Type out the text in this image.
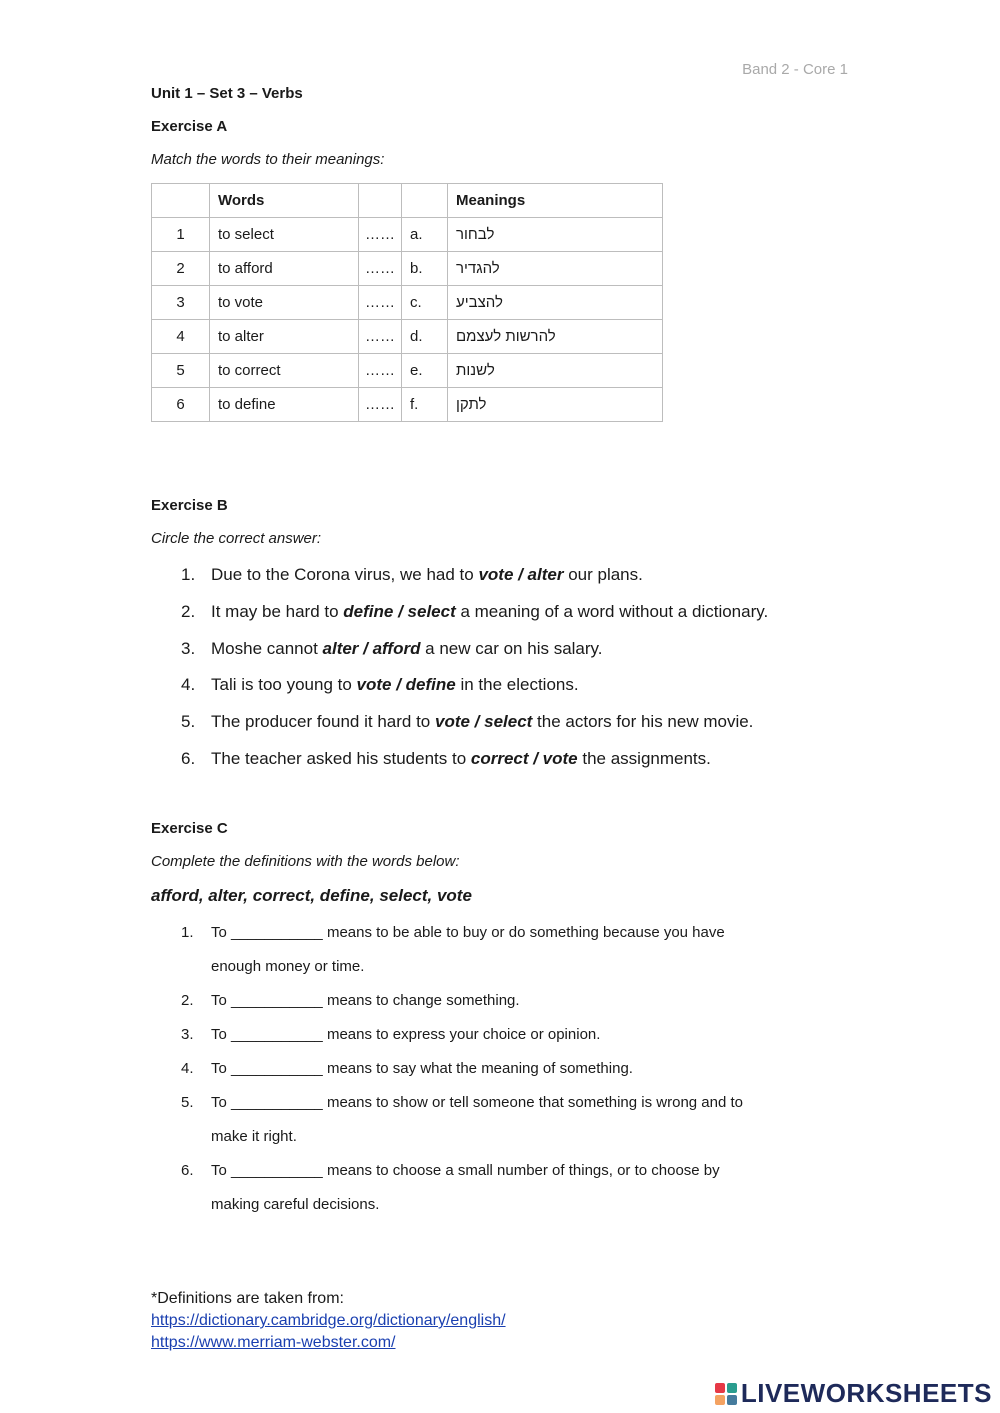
Band 2 - Core 1
Unit 1 – Set 3 – Verbs
Exercise A
Match the words to their meanings:
	Words			Meanings
1	to select	……	a.	לבחור
2	to afford	……	b.	להגדיר
3	to vote	……	c.	להצביע
4	to alter	……	d.	להרשות לעצמם
5	to correct	……	e.	לשנות
6	to define	……	f.	לתקן
Exercise B
Circle the correct answer:
1. Due to the Corona virus, we had to vote / alter our plans.
2. It may be hard to define / select a meaning of a word without a dictionary.
3. Moshe cannot alter / afford a new car on his salary.
4. Tali is too young to vote / define in the elections.
5. The producer found it hard to vote / select the actors for his new movie.
6. The teacher asked his students to correct / vote the assignments.
Exercise C
Complete the definitions with the words below:
afford, alter, correct, define, select, vote
1. To ___________ means to be able to buy or do something because you have
enough money or time.
2. To ___________ means to change something.
3. To ___________ means to express your choice or opinion.
4. To ___________ means to say what the meaning of something.
5. To ___________ means to show or tell someone that something is wrong and to
make it right.
6. To ___________ means to choose a small number of things, or to choose by
making careful decisions.
*Definitions are taken from:
https://dictionary.cambridge.org/dictionary/english/
https://www.merriam-webster.com/
LIVEWORKSHEETS
